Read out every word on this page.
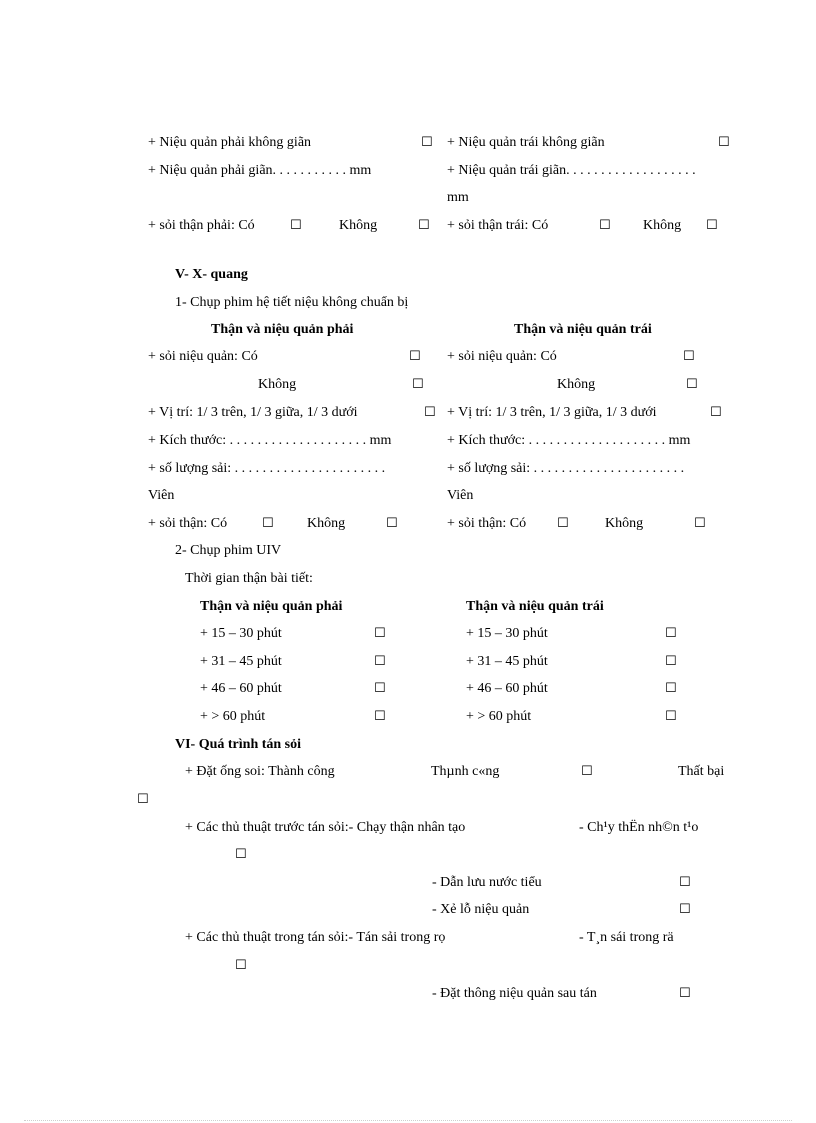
+ Niệu quản phải không giãn	☐ + Niệu quản trái không giãn	☐
+ Niệu quản phải giãn. . . . . . . . . . . mm	+ Niệu quản trái giãn. . . . . . . . . . . . . . . . . . .
mm
+ sỏi thận phải: Có	☐	Không	☐ + sỏi thận trái: Có	☐ Không ☐
V- X- quang
1- Chụp phim hệ tiết niệu không chuẩn bị
Thận và niệu quản phải	Thận và niệu quản trái
+ sỏi niệu quản: Có	☐ + sỏi niệu quản: Có	☐
Không	☐	Không	☐
+ Vị trí: 1/ 3 trên, 1/ 3 giữa, 1/ 3 dưới	☐ + Vị trí: 1/ 3 trên, 1/ 3 giữa, 1/ 3 dưới	☐
+ Kích thước: . . . . . . . . . . . . . . . . . . . . mm	+ Kích thước: . . . . . . . . . . . . . . . . . . . . mm
+ số lượng sải: . . . . . . . . . . . . . . . . . . . . . .	+ số lượng sải: . . . . . . . . . . . . . . . . . . . . . .
Viên	Viên
+ sỏi thận: Có	☐ Không	☐	+ sỏi thận: Có ☐	Không	☐
2- Chụp phim UIV
Thời gian thận bài tiết:
Thận và niệu quản phải	Thận và niệu quản trái
+ 15 – 30 phút	☐	+ 15 – 30 phút	☐
+ 31 – 45 phút	☐	+ 31 – 45 phút	☐
+ 46 – 60 phút	☐	+ 46 – 60 phút	☐
+ > 60 phút	☐	+ > 60 phút	☐
VI- Quá trình tán sỏi
+ Đặt ống soi: Thành công	Thµnh c«ng	☐	Thất bại
☐
+ Các thủ thuật trước tán sỏi:- Chạy thận nhân tạo	- Ch¹y thËn nh©n t¹o
☐
- Dẫn lưu nước tiểu	☐
- Xẻ lỗ niệu quản	☐
+ Các thủ thuật trong tán sỏi:- Tán sải trong rọ	- T¸n sái trong rä
☐
- Đặt thông niệu quản sau tán	☐
